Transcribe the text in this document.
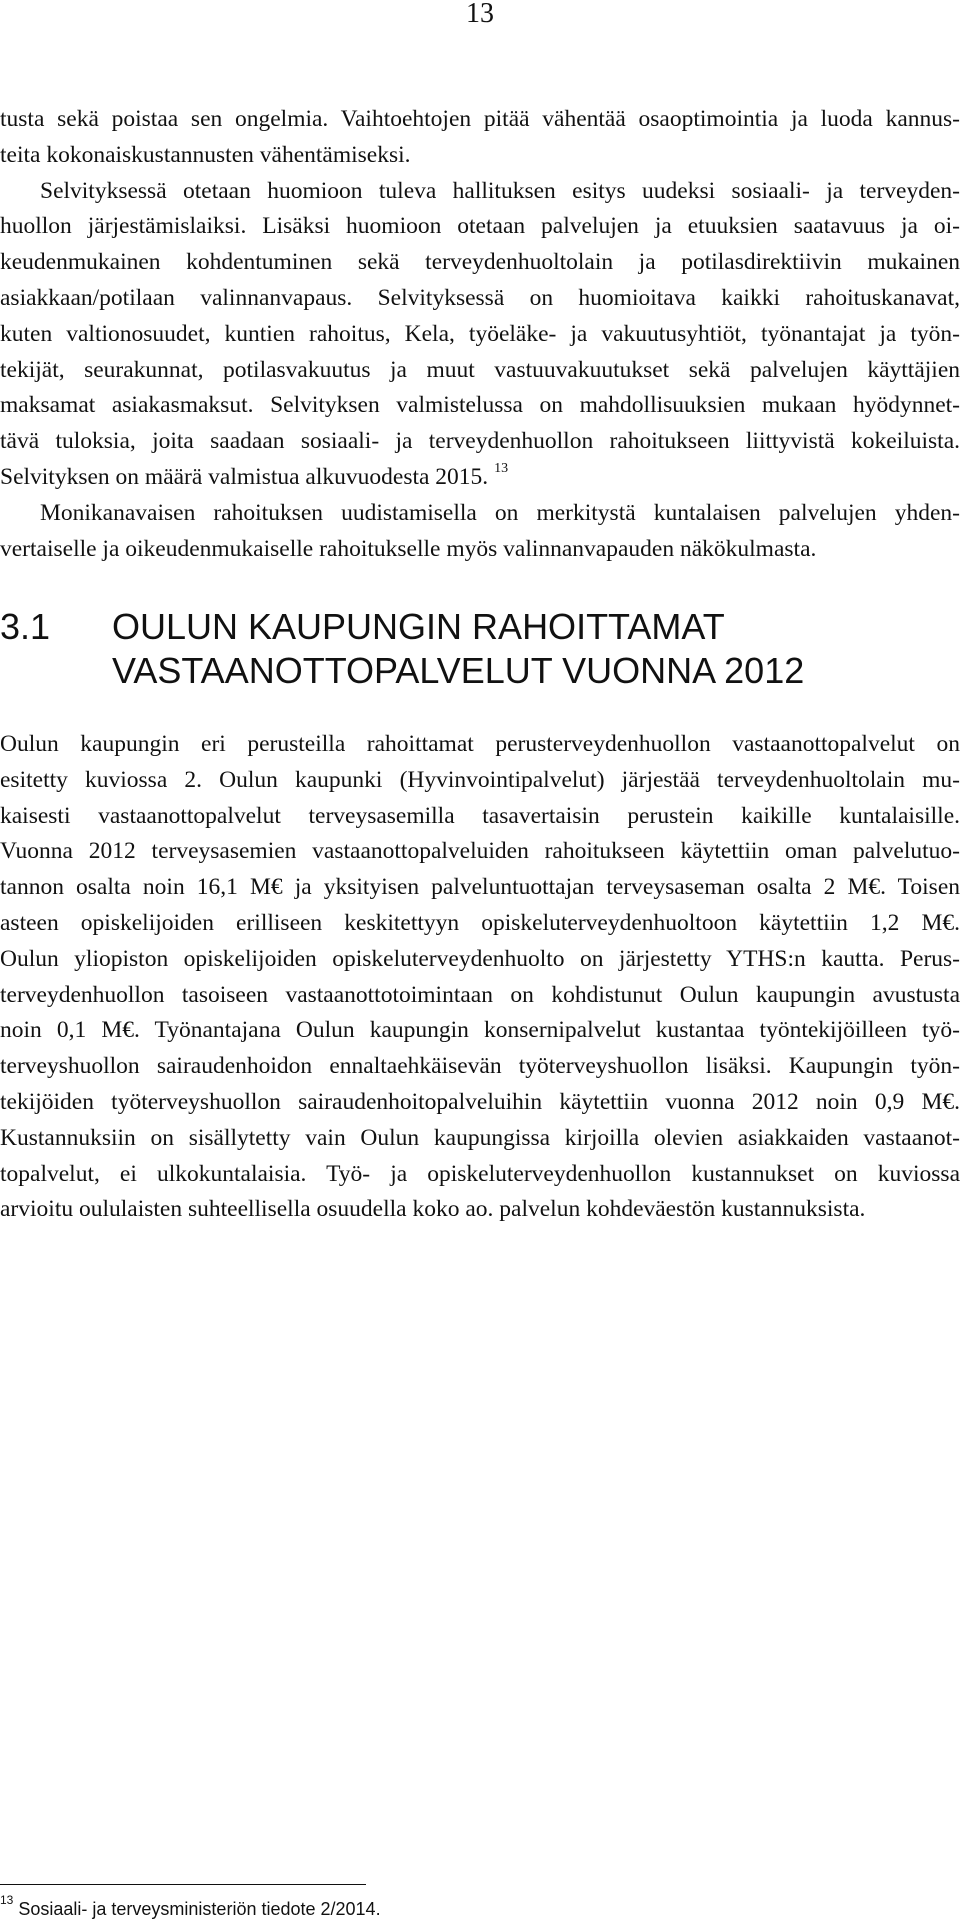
13
tusta sekä poistaa sen ongelmia. Vaihtoehtojen pitää vähentää osaoptimointia ja luoda kannus-
teita kokonaiskustannusten vähentämiseksi.
Selvityksessä otetaan huomioon tuleva hallituksen esitys uudeksi sosiaali- ja terveyden-
huollon järjestämislaiksi. Lisäksi huomioon otetaan palvelujen ja etuuksien saatavuus ja oi-
keudenmukainen kohdentuminen sekä terveydenhuoltolain ja potilasdirektiivin mukainen
asiakkaan/potilaan valinnanvapaus. Selvityksessä on huomioitava kaikki rahoituskanavat,
kuten valtionosuudet, kuntien rahoitus, Kela, työeläke- ja vakuutusyhtiöt, työnantajat ja työn-
tekijät, seurakunnat, potilasvakuutus ja muut vastuuvakuutukset sekä palvelujen käyttäjien
maksamat asiakasmaksut. Selvityksen valmistelussa on mahdollisuuksien mukaan hyödynnet-
tävä tuloksia, joita saadaan sosiaali- ja terveydenhuollon rahoitukseen liittyvistä kokeiluista.
Selvityksen on määrä valmistua alkuvuodesta 2015. $^{13}$
Monikanavaisen rahoituksen uudistamisella on merkitystä kuntalaisen palvelujen yhden-
vertaiselle ja oikeudenmukaiselle rahoitukselle myös valinnanvapauden näkökulmasta.
3.1 OULUN KAUPUNGIN RAHOITTAMAT
VASTAANOTTOPALVELUT VUONNA 2012
Oulun kaupungin eri perusteilla rahoittamat perusterveydenhuollon vastaanottopalvelut on
esitetty kuviossa 2. Oulun kaupunki (Hyvinvointipalvelut) järjestää terveydenhuoltolain mu-
kaisesti vastaanottopalvelut terveysasemilla tasavertaisin perustein kaikille kuntalaisille.
Vuonna 2012 terveysasemien vastaanottopalveluiden rahoitukseen käytettiin oman palvelutuo-
tannon osalta noin 16,1 M€ ja yksityisen palveluntuottajan terveysaseman osalta 2 M€. Toisen
asteen opiskelijoiden erilliseen keskitettyyn opiskeluterveydenhuoltoon käytettiin 1,2 M€.
Oulun yliopiston opiskelijoiden opiskeluterveydenhuolto on järjestetty YTHS:n kautta. Perus-
terveydenhuollon tasoiseen vastaanottotoimintaan on kohdistunut Oulun kaupungin avustusta
noin 0,1 M€. Työnantajana Oulun kaupungin konsernipalvelut kustantaa työntekijöilleen työ-
terveyshuollon sairaudenhoidon ennaltaehkäisevän työterveyshuollon lisäksi. Kaupungin työn-
tekijöiden työterveyshuollon sairaudenhoitopalveluihin käytettiin vuonna 2012 noin 0,9 M€.
Kustannuksiin on sisällytetty vain Oulun kaupungissa kirjoilla olevien asiakkaiden vastaanot-
topalvelut, ei ulkokuntalaisia. Työ- ja opiskeluterveydenhuollon kustannukset on kuviossa
arvioitu oululaisten suhteellisella osuudella koko ao. palvelun kohdeväestön kustannuksista.
$^{13}$ Sosiaali- ja terveysministeriön tiedote 2/2014.
